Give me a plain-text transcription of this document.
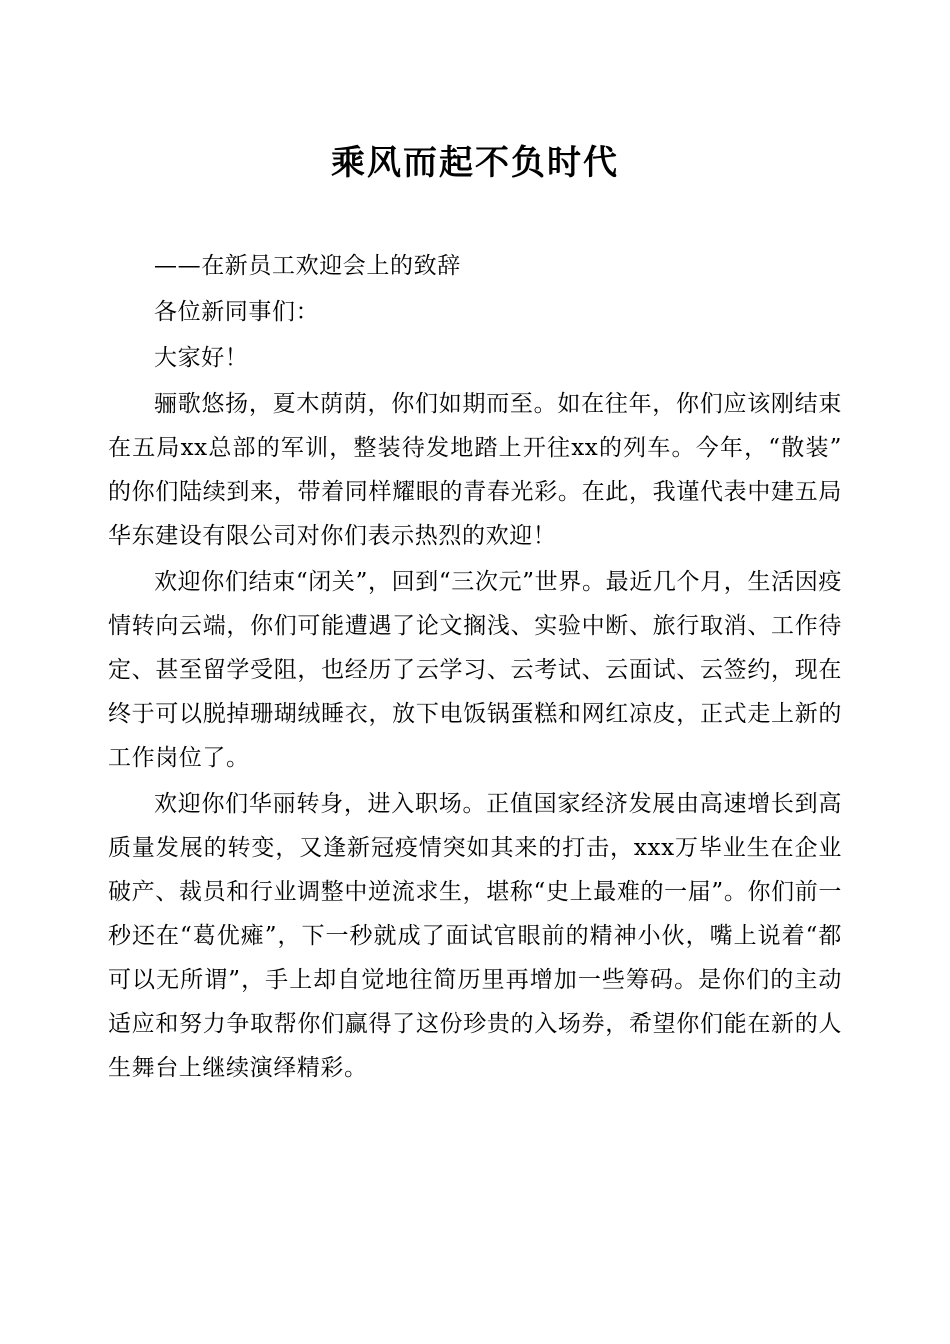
乘风而起不负时代

——在新员工欢迎会上的致辞

各位新同事们：

大家好！

骊歌悠扬，夏木荫荫，你们如期而至。如在往年，你们应该刚结束在五局xx总部的军训，整装待发地踏上开往xx的列车。今年，“散装”的你们陆续到来，带着同样耀眼的青春光彩。在此，我谨代表中建五局华东建设有限公司对你们表示热烈的欢迎！

欢迎你们结束“闭关”，回到“三次元”世界。最近几个月，生活因疫情转向云端，你们可能遭遇了论文搁浅、实验中断、旅行取消、工作待定、甚至留学受阻，也经历了云学习、云考试、云面试、云签约，现在终于可以脱掉珊瑚绒睡衣，放下电饭锅蛋糕和网红凉皮，正式走上新的工作岗位了。

欢迎你们华丽转身，进入职场。正值国家经济发展由高速增长到高质量发展的转变，又逢新冠疫情突如其来的打击，xxx万毕业生在企业破产、裁员和行业调整中逆流求生，堪称“史上最难的一届”。你们前一秒还在“葛优瘫”，下一秒就成了面试官眼前的精神小伙，嘴上说着“都可以无所谓”，手上却自觉地往简历里再增加一些筹码。是你们的主动适应和努力争取帮你们赢得了这份珍贵的入场券，希望你们能在新的人生舞台上继续演绎精彩。
